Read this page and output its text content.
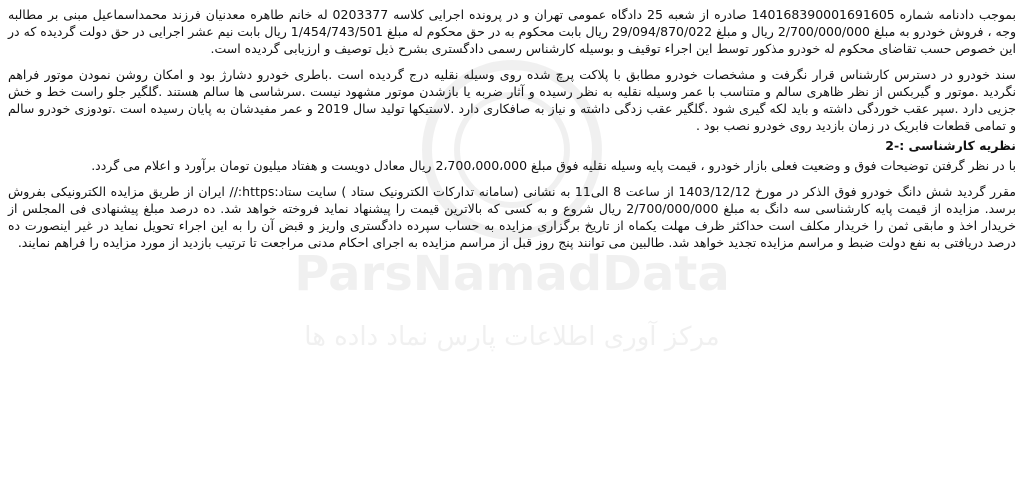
ParsNamadData
مرکز آوری اطلاعات پارس نماد داده ها

بموجب دادنامه شماره 140168390001691605 صادره از شعبه 25 دادگاه عمومی تهران و در پرونده اجرایی کلاسه 0203377 له خانم طاهره معدنیان فرزند محمداسماعیل مبنی بر مطالبه وجه ، فروش خودرو به مبلغ 2/700/000/000 ریال و مبلغ 29/094/870/022 ریال بابت محکوم به در حق محکوم له مبلغ 1/454/743/501 ریال بابت نیم عشر اجرایی در حق دولت گردیده که در این خصوص حسب تقاضای محکوم له خودرو مذکور توسط این اجراء توقیف و بوسیله کارشناس رسمی دادگستری بشرح ذیل توصیف و ارزیابی گردیده است.

سند خودرو در دسترس کارشناس قرار نگرفت و مشخصات خودرو مطابق با پلاکت پرچ شده روی وسیله نقلیه درج گردیده است .باطری خودرو دشارژ بود و امکان روشن نمودن موتور فراهم نگردید .موتور و گیربکس از نظر ظاهری سالم و متناسب با عمر وسیله نقلیه به نظر رسیده و آثار ضربه یا بازشدن موتور مشهود نیست .سرشاسی ها سالم هستند .گلگیر جلو راست خط و خش جزیی دارد .سپر عقب خوردگی داشته و باید لکه گیری شود .گلگیر عقب زدگی داشته و نیاز به صافکاری دارد .لاستیکها تولید سال 2019 و عمر مفیدشان به پایان رسیده است .تودوزی خودرو سالم و تمامی قطعات فابریک در زمان بازدید روی خودرو نصب بود .

نظریه کارشناسی :-2

با در نظر گرفتن توضیحات فوق و وضعیت فعلی بازار خودرو ، قیمت پایه وسیله نقلیه فوق مبلغ 2،700،000،000 ریال معادل دویست و هفتاد میلیون تومان برآورد و اعلام می گردد.

مقرر گردید شش دانگ خودرو فوق الذکر در مورخ 1403/12/12 از ساعت 8 الی11 به نشانی (سامانه تدارکات الکترونیک ستاد ) سایت ستاد:https:// ایران از طریق مزایده الکترونیکی بفروش برسد. مزایده از قیمت پایه کارشناسی سه دانگ به مبلغ 2/700/000/000 ریال شروع و به کسی که بالاترین قیمت را پیشنهاد نماید فروخته خواهد شد. ده درصد مبلغ پیشنهادی فی المجلس از خریدار اخذ و مابقی ثمن را خریدار مکلف است حداکثر ظرف مهلت یکماه از تاریخ برگزاری مزایده به حساب سپرده دادگستری واریز و قبض آن را به این اجراء تحویل نماید در غیر اینصورت ده درصد دریافتی به نفع دولت ضبط و مراسم مزایده تجدید خواهد شد. طالبین می توانند پنج روز قبل از مراسم مزایده به اجرای احکام مدنی مراجعت تا ترتیب بازدید از مورد مزایده را فراهم نمایند.
